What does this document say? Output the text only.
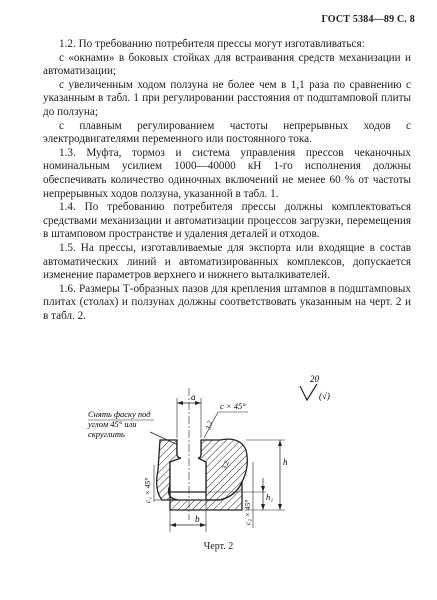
ГОСТ 5384—89 С. 8

1.2. По требованию потребителя прессы могут изготавливаться:

с «окнами» в боковых стойках для встраивания средств механизации и автоматизации;

с увеличенным ходом ползуна не более чем в 1,1 раза по сравнению с указанным в табл. 1 при регулировании расстояния от подштамповой плиты до ползуна;

с плавным регулированием частоты непрерывных ходов с электродвигателями переменного или постоянного тока.

1.3. Муфта, тормоз и система управления прессов чеканочных номинальным усилием 1000—40000 кН 1-го исполнения должны обеспечивать количество одиночных включений не менее 60 % от частоты непрерывных ходов ползуна, указанной в табл. 1.

1.4. По требованию потребителя прессы должны комплектоваться средствами механизации и автоматизации процессов загрузки, перемещения в штамповом пространстве и удаления деталей и отходов.

1.5. На прессы, изготавливаемые для экспорта или входящие в состав автоматических линий и автоматизированных комплексов, допускается изменение параметров верхнего и нижнего выталкивателей.

1.6. Размеры Т-образных пазов для крепления штампов в подштамповых плитах (столах) и ползунах должны соответствовать указанным на черт. 2 и в табл. 2.

20
(√)
Снять фаску под
углом 45° или
скруглить
a
c × 45°
3,2
b
h
h₁
c₂ × 45°
3,2
c₁ × 45°
Черт. 2
